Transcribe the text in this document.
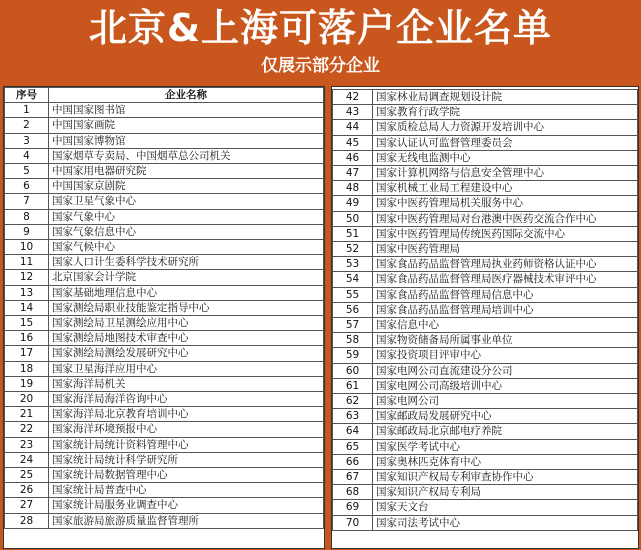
北京&上海可落户企业名单
仅展示部分企业
序号	企业名称
1	中国国家图书馆
2	中国国家画院
3	中国国家博物馆
4	国家烟草专卖局、中国烟草总公司机关
5	中国家用电器研究院
6	中国国家京剧院
7	国家卫星气象中心
8	国家气象中心
9	国家气象信息中心
10	国家气候中心
11	国家人口计生委科学技术研究所
12	北京国家会计学院
13	国家基础地理信息中心
14	国家测绘局职业技能鉴定指导中心
15	国家测绘局卫星测绘应用中心
16	国家测绘局地图技术审查中心
17	国家测绘局测绘发展研究中心
18	国家卫星海洋应用中心
19	国家海洋局机关
20	国家海洋局海洋咨询中心
21	国家海洋局北京教育培训中心
22	国家海洋环境预报中心
23	国家统计局统计资料管理中心
24	国家统计局统计科学研究所
25	国家统计局数据管理中心
26	国家统计局普查中心
27	国家统计局服务业调查中心
28	国家旅游局旅游质量监督管理所
42	国家林业局调查规划设计院
43	国家教育行政学院
44	国家质检总局人力资源开发培训中心
45	国家认证认可监督管理委员会
46	国家无线电监测中心
47	国家计算机网络与信息安全管理中心
48	国家机械工业局工程建设中心
49	国家中医药管理局机关服务中心
50	国家中医药管理局对台港澳中医药交流合作中心
51	国家中医药管理局传统医药国际交流中心
52	国家中医药管理局
53	国家食品药品监督管理局执业药师资格认证中心
54	国家食品药品监督管理局医疗器械技术审评中心
55	国家食品药品监督管理局信息中心
56	国家食品药品监督管理局培训中心
57	国家信息中心
58	国家物资储备局所属事业单位
59	国家投资项目评审中心
60	国家电网公司直流建设分公司
61	国家电网公司高级培训中心
62	国家电网公司
63	国家邮政局发展研究中心
64	国家邮政局北京邮电疗养院
65	国家医学考试中心
66	国家奥林匹克体育中心
67	国家知识产权局专利审查协作中心
68	国家知识产权局专利局
69	国家天文台
70	国家司法考试中心
